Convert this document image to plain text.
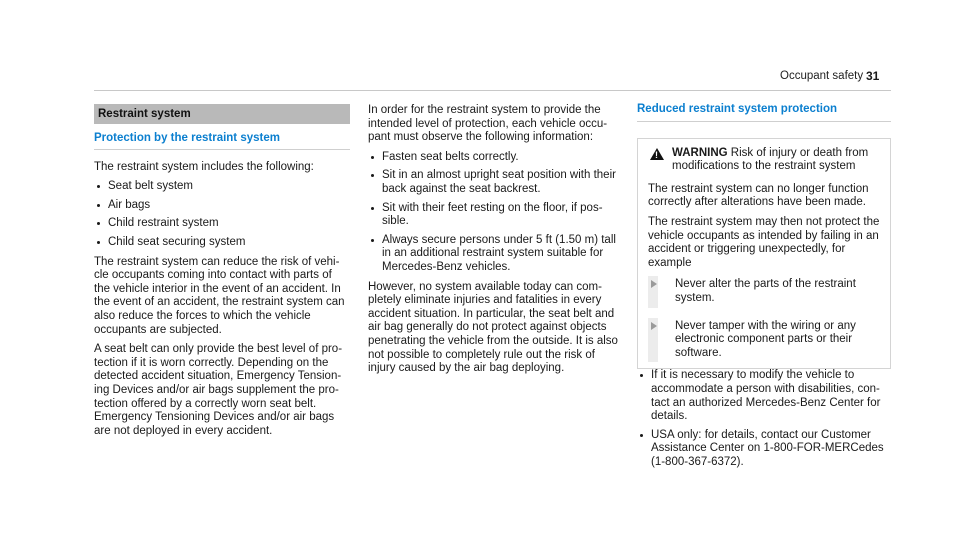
Occupant safety 31
Restraint system
Protection by the restraint system

The restraint system includes the following:

Seat belt system
Air bags
Child restraint system
Child seat securing system

The restraint system can reduce the risk of vehi-cle occupants coming into contact with parts of the vehicle interior in the event of an accident. In the event of an accident, the restraint system can also reduce the forces to which the vehicle occupants are subjected.

A seat belt can only provide the best level of pro-tection if it is worn correctly. Depending on the detected accident situation, Emergency Tension-ing Devices and/or air bags supplement the pro-tection offered by a correctly worn seat belt. Emergency Tensioning Devices and/or air bags are not deployed in every accident.

In order for the restraint system to provide the intended level of protection, each vehicle occu-pant must observe the following information:

Fasten seat belts correctly.
Sit in an almost upright seat position with their back against the seat backrest.
Sit with their feet resting on the floor, if pos-sible.
Always secure persons under 5 ft (1.50 m) tall in an additional restraint system suitable for Mercedes-Benz vehicles.

However, no system available today can com-pletely eliminate injuries and fatalities in every accident situation. In particular, the seat belt and air bag generally do not protect against objects penetrating the vehicle from the outside. It is also not possible to completely rule out the risk of injury caused by the air bag deploying.

Reduced restraint system protection
! WARNING Risk of injury or death from modifications to the restraint system

The restraint system can no longer function correctly after alterations have been made.

The restraint system may then not protect the vehicle occupants as intended by failing in an accident or triggering unexpectedly, for example

Never alter the parts of the restraint system.
Never tamper with the wiring or any electronic component parts or their software.
If it is necessary to modify the vehicle to accommodate a person with disabilities, con-tact an authorized Mercedes-Benz Center for details.
USA only: for details, contact our Customer Assistance Center on 1-800-FOR-MERCedes (1-800-367-6372).
